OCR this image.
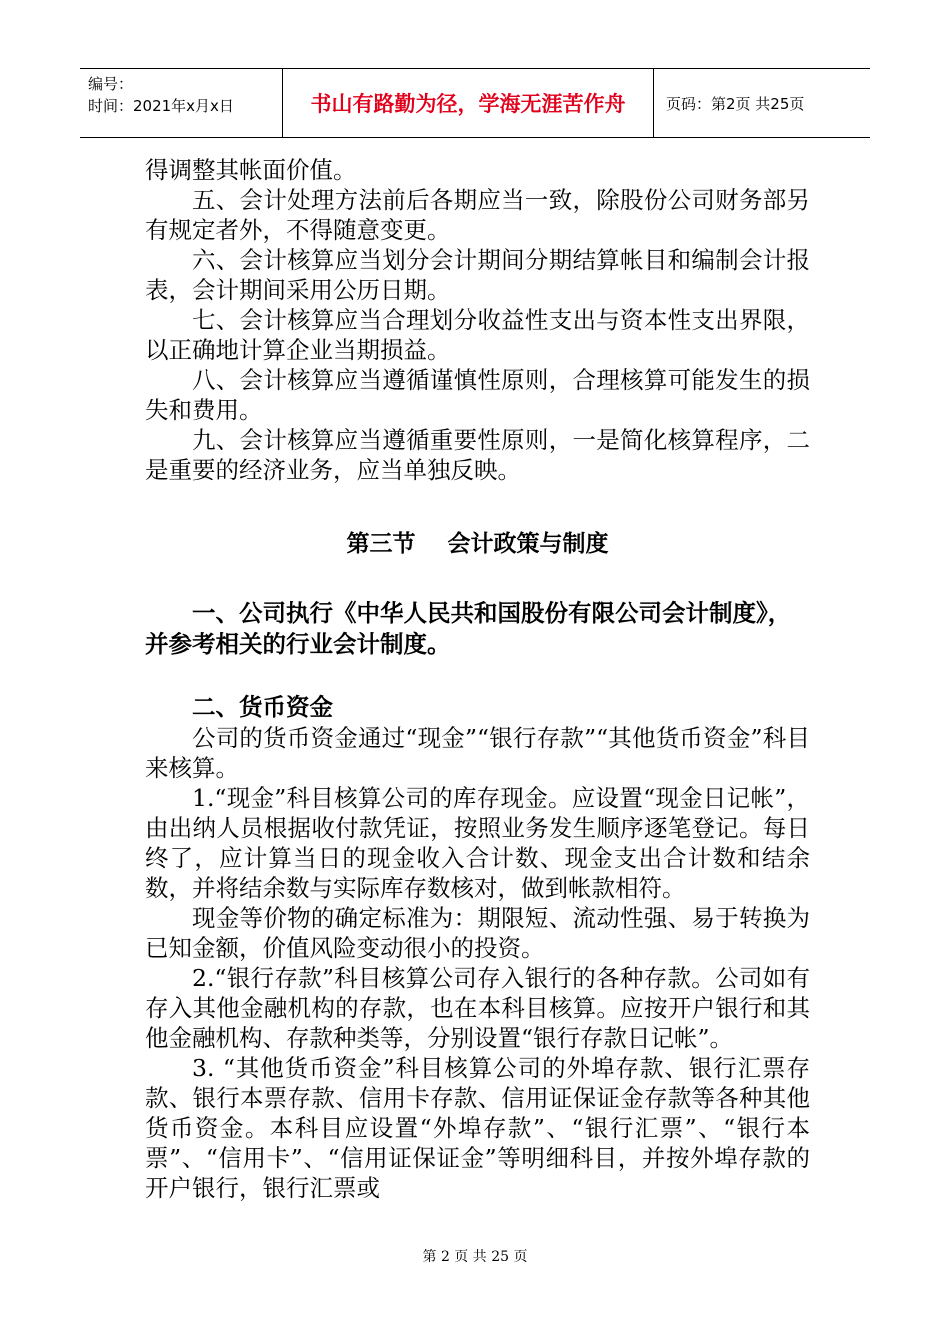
编号：
时间：2021年x月x日	书山有路勤为径，学海无涯苦作舟	页码：第2页 共25页

得调整其帐面价值。

五、会计处理方法前后各期应当一致，除股份公司财务部另有规定者外，不得随意变更。

六、会计核算应当划分会计期间分期结算帐目和编制会计报表，会计期间采用公历日期。

七、会计核算应当合理划分收益性支出与资本性支出界限，以正确地计算企业当期损益。

八、会计核算应当遵循谨慎性原则，合理核算可能发生的损失和费用。

九、会计核算应当遵循重要性原则，一是简化核算程序，二是重要的经济业务，应当单独反映。

第三节    会计政策与制度

一、公司执行《中华人民共和国股份有限公司会计制度》，并参考相关的行业会计制度。

二、货币资金

公司的货币资金通过“现金”“银行存款”“其他货币资金”科目来核算。

1.“现金”科目核算公司的库存现金。应设置“现金日记帐”，由出纳人员根据收付款凭证，按照业务发生顺序逐笔登记。每日终了，应计算当日的现金收入合计数、现金支出合计数和结余数，并将结余数与实际库存数核对，做到帐款相符。

现金等价物的确定标准为：期限短、流动性强、易于转换为已知金额，价值风险变动很小的投资。

2.“银行存款”科目核算公司存入银行的各种存款。公司如有存入其他金融机构的存款，也在本科目核算。应按开户银行和其他金融机构、存款种类等，分别设置“银行存款日记帐”。

3. “其他货币资金”科目核算公司的外埠存款、银行汇票存款、银行本票存款、信用卡存款、信用证保证金存款等各种其他货币资金。本科目应设置“外埠存款”、“银行汇票”、“银行本票”、“信用卡”、“信用证保证金”等明细科目，并按外埠存款的开户银行，银行汇票或

第 2 页 共 25 页
